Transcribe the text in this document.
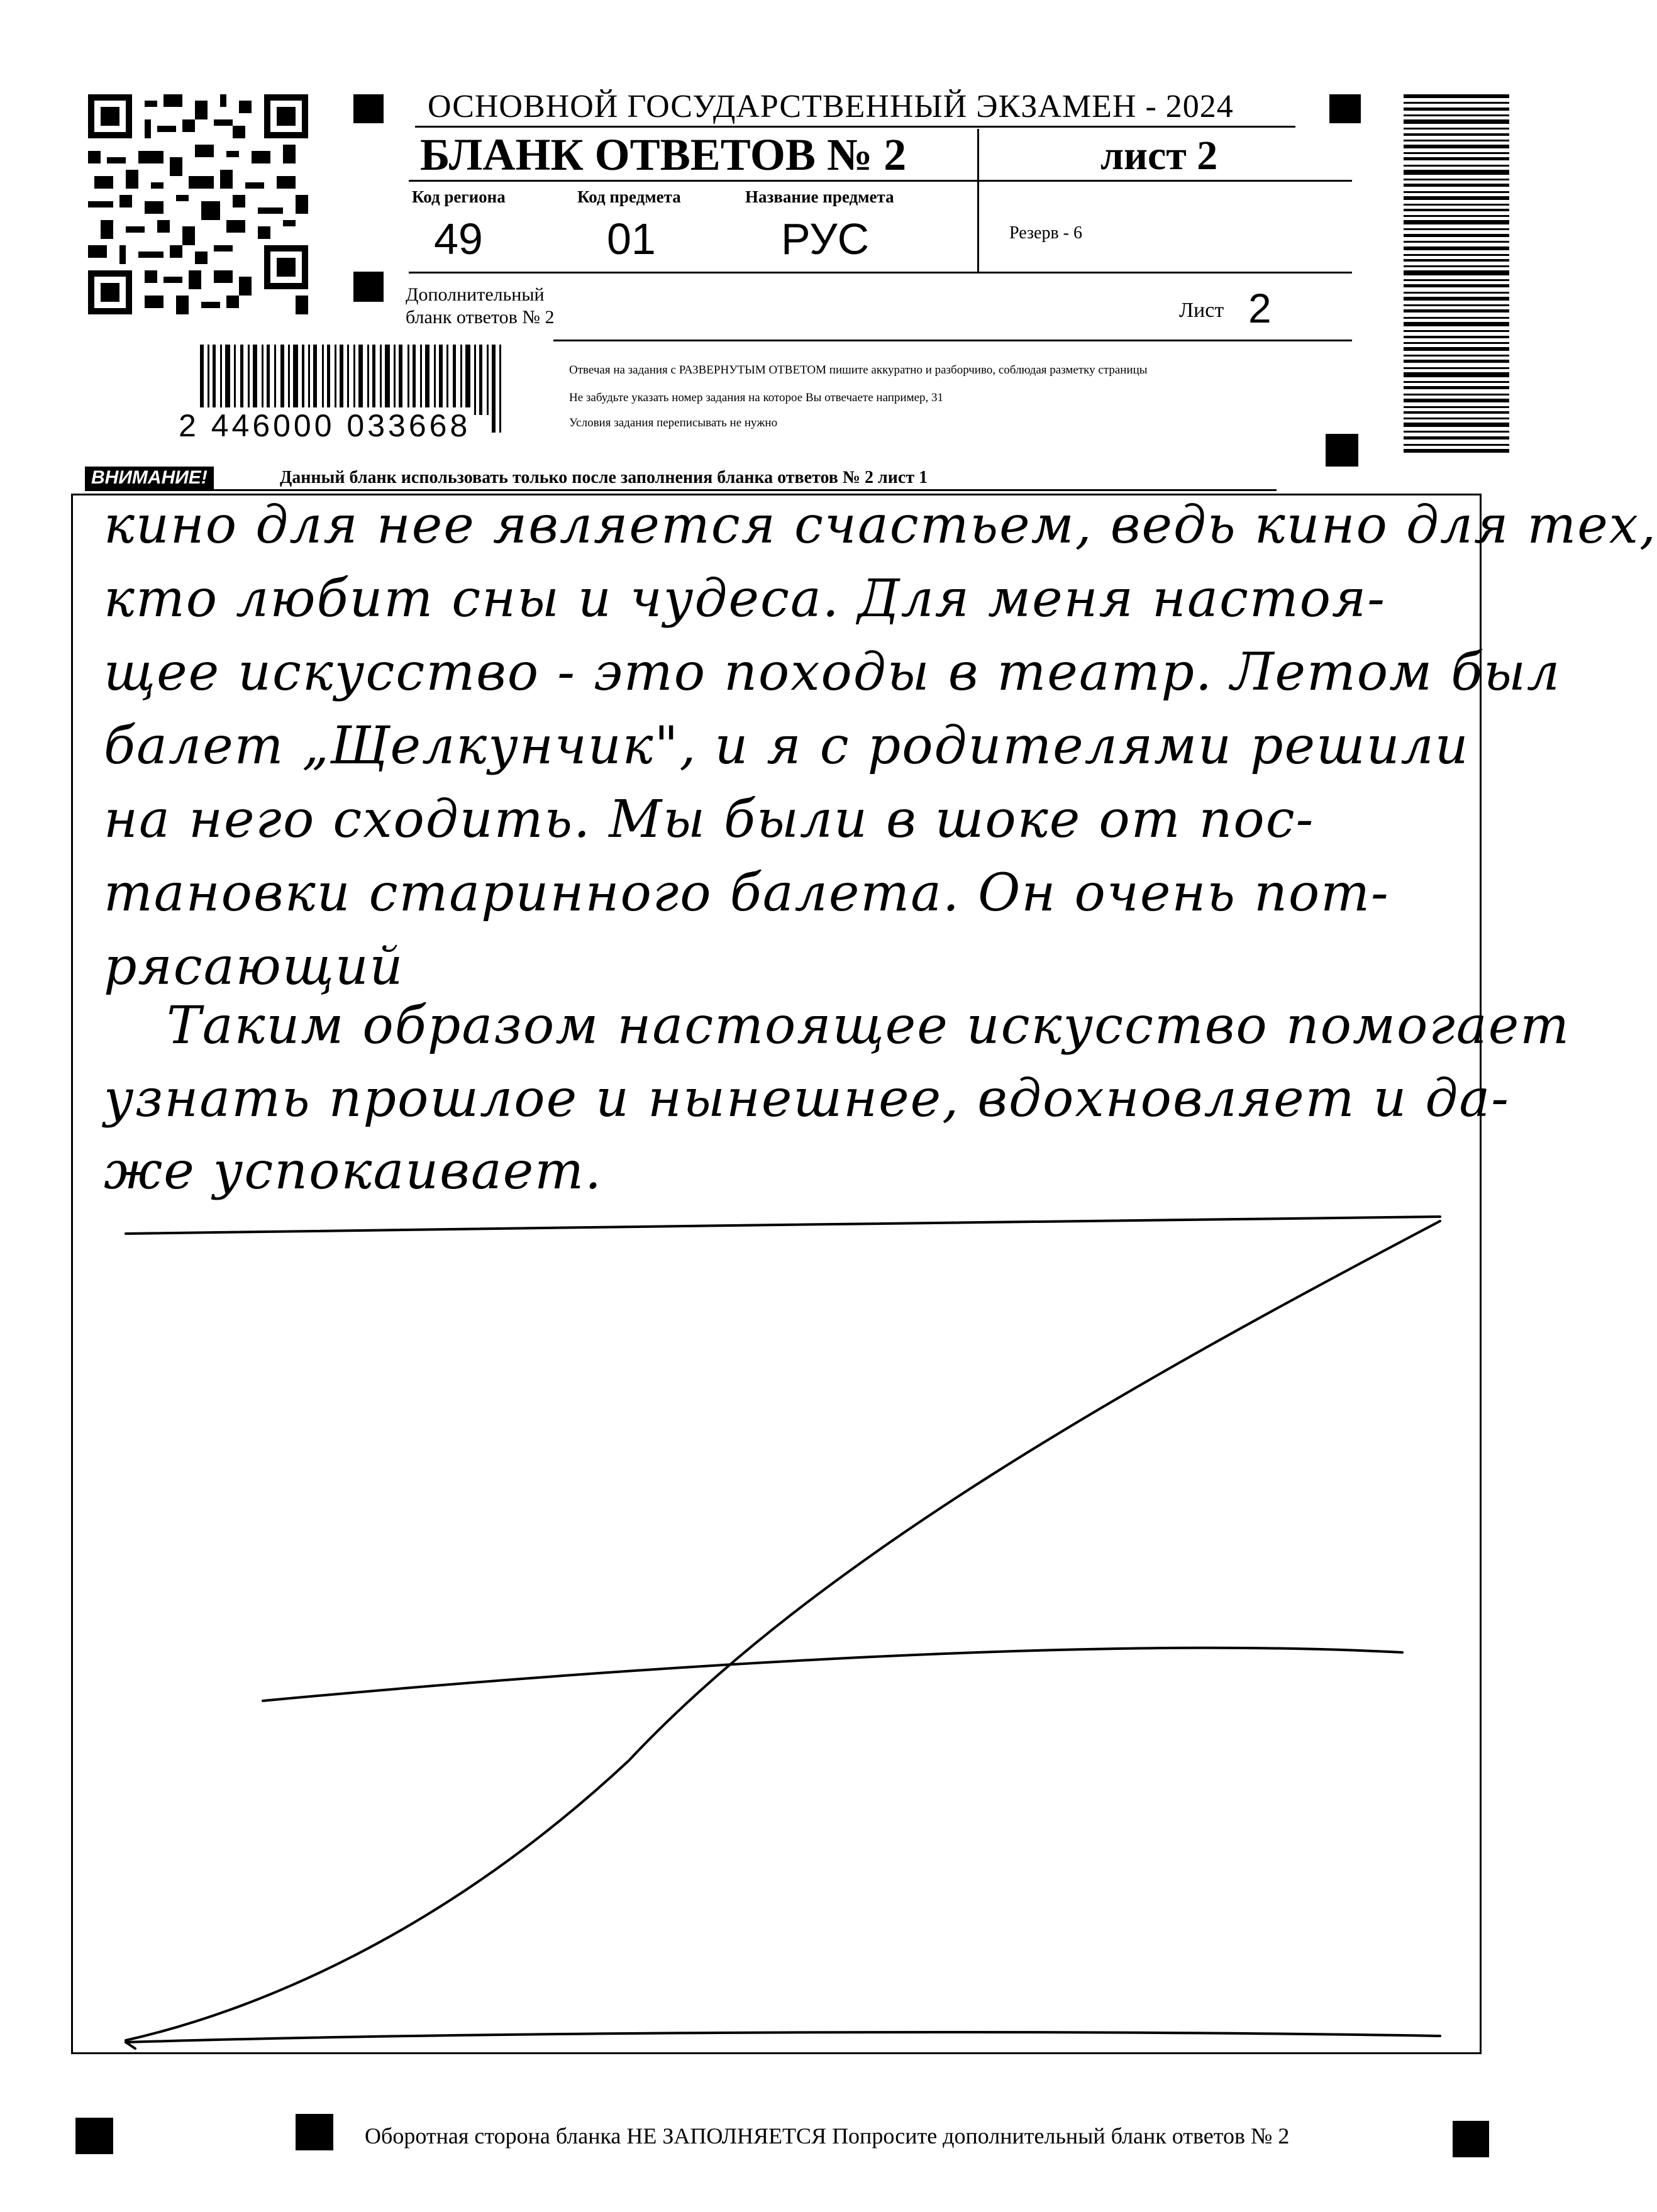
ОСНОВНОЙ ГОСУДАРСТВЕННЫЙ ЭКЗАМЕН - 2024
БЛАНК ОТВЕТОВ № 2	лист 2
Код региона	Код предмета	Название предмета
49	01	РУС	Резерв - 6
Дополнительный
бланк ответов № 2	Лист 2
2 446000 033668
Отвечая на задания с РАЗВЕРНУТЫМ ОТВЕТОМ пишите аккуратно и разборчиво, соблюдая разметку страницы
Не забудьте указать номер задания на которое Вы отвечаете например, 31
Условия задания переписывать не нужно
ВНИМАНИЕ!	Данный бланк использовать только после заполнения бланка ответов № 2 лист 1
кино для нее является счастьем, ведь кино для тех,
кто любит сны и чудеса. Для меня настоя-
щее искусство - это походы в театр. Летом был
балет „Щелкунчик", и я с родителями решили
на него сходить. Мы были в шоке от пос-
тановки старинного балета. Он очень пот-
рясающий
Таким образом настоящее искусство помогает
узнать прошлое и нынешнее, вдохновляет и да-
же успокаивает.
Оборотная сторона бланка НЕ ЗАПОЛНЯЕТСЯ Попросите дополнительный бланк ответов № 2
